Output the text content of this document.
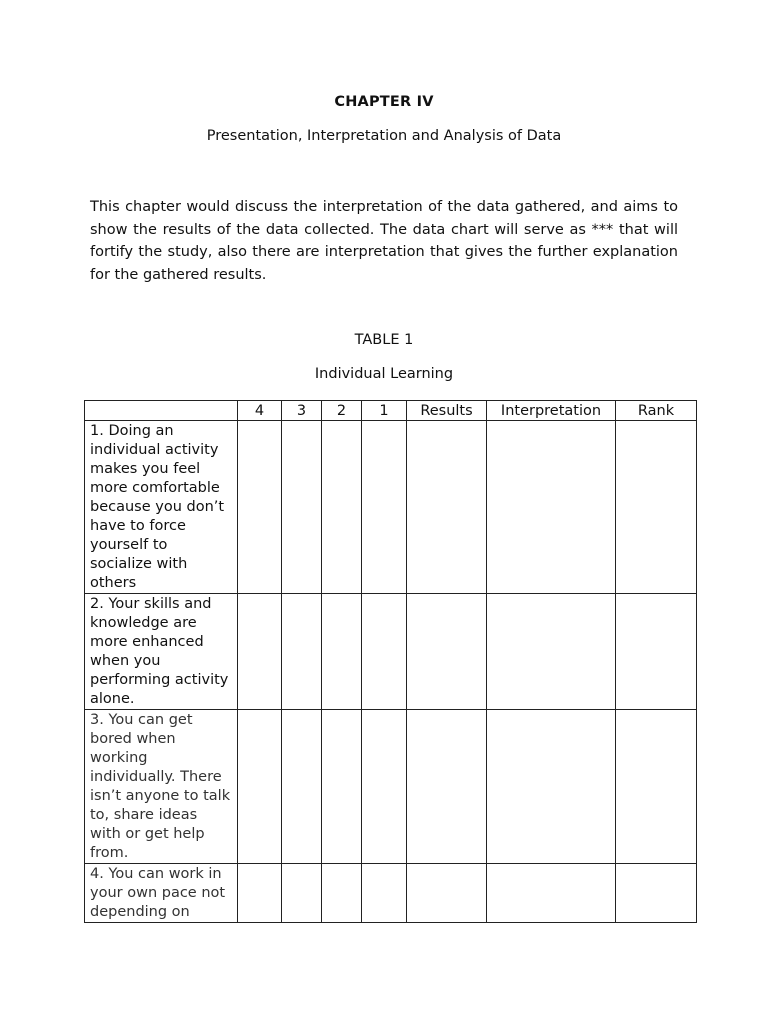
CHAPTER IV
Presentation, Interpretation and Analysis of Data

This chapter would discuss the interpretation of the data gathered, and aims to show the results of the data collected. The data chart will serve as *** that will fortify the study, also there are interpretation that gives the further explanation for the gathered results.

TABLE 1
Individual Learning
	4	3	2	1	Results	Interpretation	Rank
1. Doing an individual activity makes you feel more comfortable because you don’t have to force yourself to socialize with others							
2. Your skills and knowledge are more enhanced when you performing activity alone.							
3. You can get bored when working individually. There isn’t anyone to talk to, share ideas with or get help from.							
4. You can work in your own pace not depending on							
